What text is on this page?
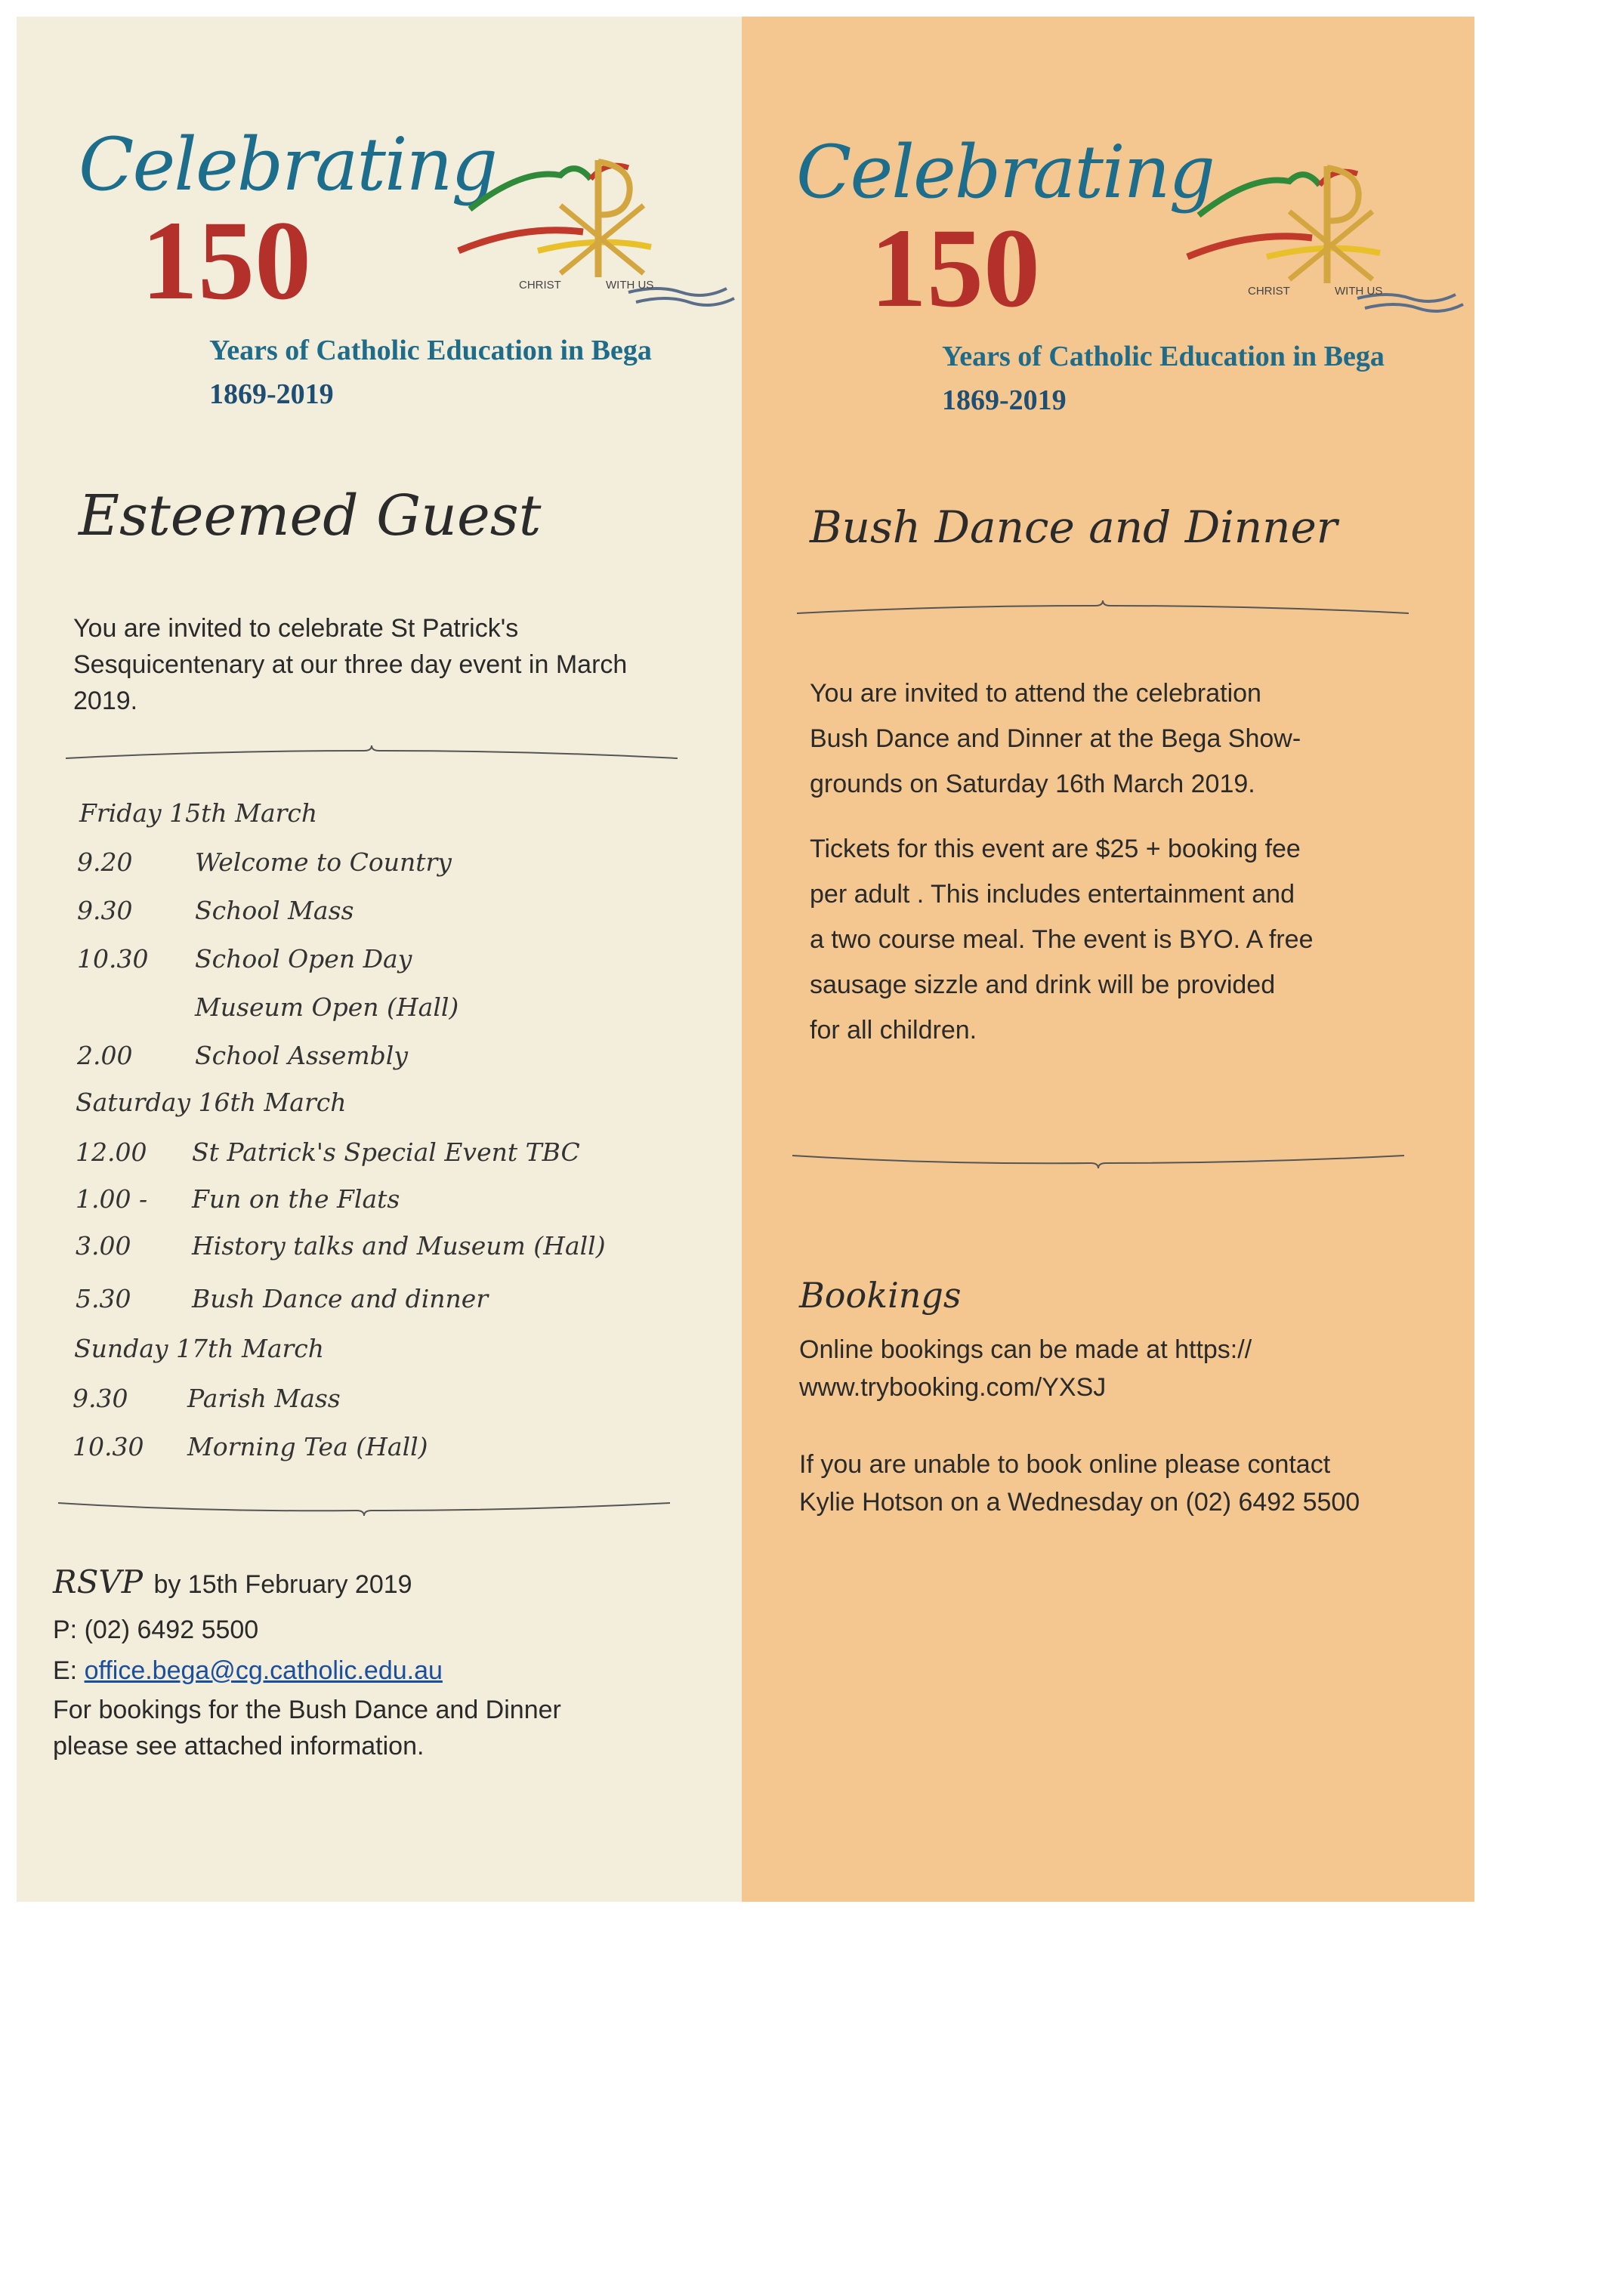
Celebrating
150	CHRIST	WITH US
Years of Catholic Education in Bega
1869-2019
Esteemed Guest
You are invited to celebrate St Patrick's Sesquicentenary at our three day event in March 2019.
Friday 15th March
9.20	Welcome to Country
9.30	School Mass
10.30 School Open Day
Museum Open (Hall)
2.00	School Assembly
Saturday 16th March
12.00 St Patrick's Special Event TBC
1.00 - Fun on the Flats
3.00 History talks and Museum (Hall)
5.30 Bush Dance and dinner
Sunday 17th March
9.30 Parish Mass
10.30 Morning Tea (Hall)
RSVP by 15th February 2019
P: (02) 6492 5500
E: office.bega@cg.catholic.edu.au
For bookings for the Bush Dance and Dinner
please see attached information.
Celebrating
150	CHRIST	WITH US
Years of Catholic Education in Bega
1869-2019
Bush Dance and Dinner
You are invited to attend the celebration
Bush Dance and Dinner at the Bega Show-
grounds on Saturday 16th March 2019.
Tickets for this event are $25 + booking fee
per adult . This includes entertainment and
a two course meal. The event is BYO. A free
sausage sizzle and drink will be provided
for all children.
Bookings
Online bookings can be made at https://
www.trybooking.com/YXSJ
If you are unable to book online please contact
Kylie Hotson on a Wednesday on (02) 6492 5500
